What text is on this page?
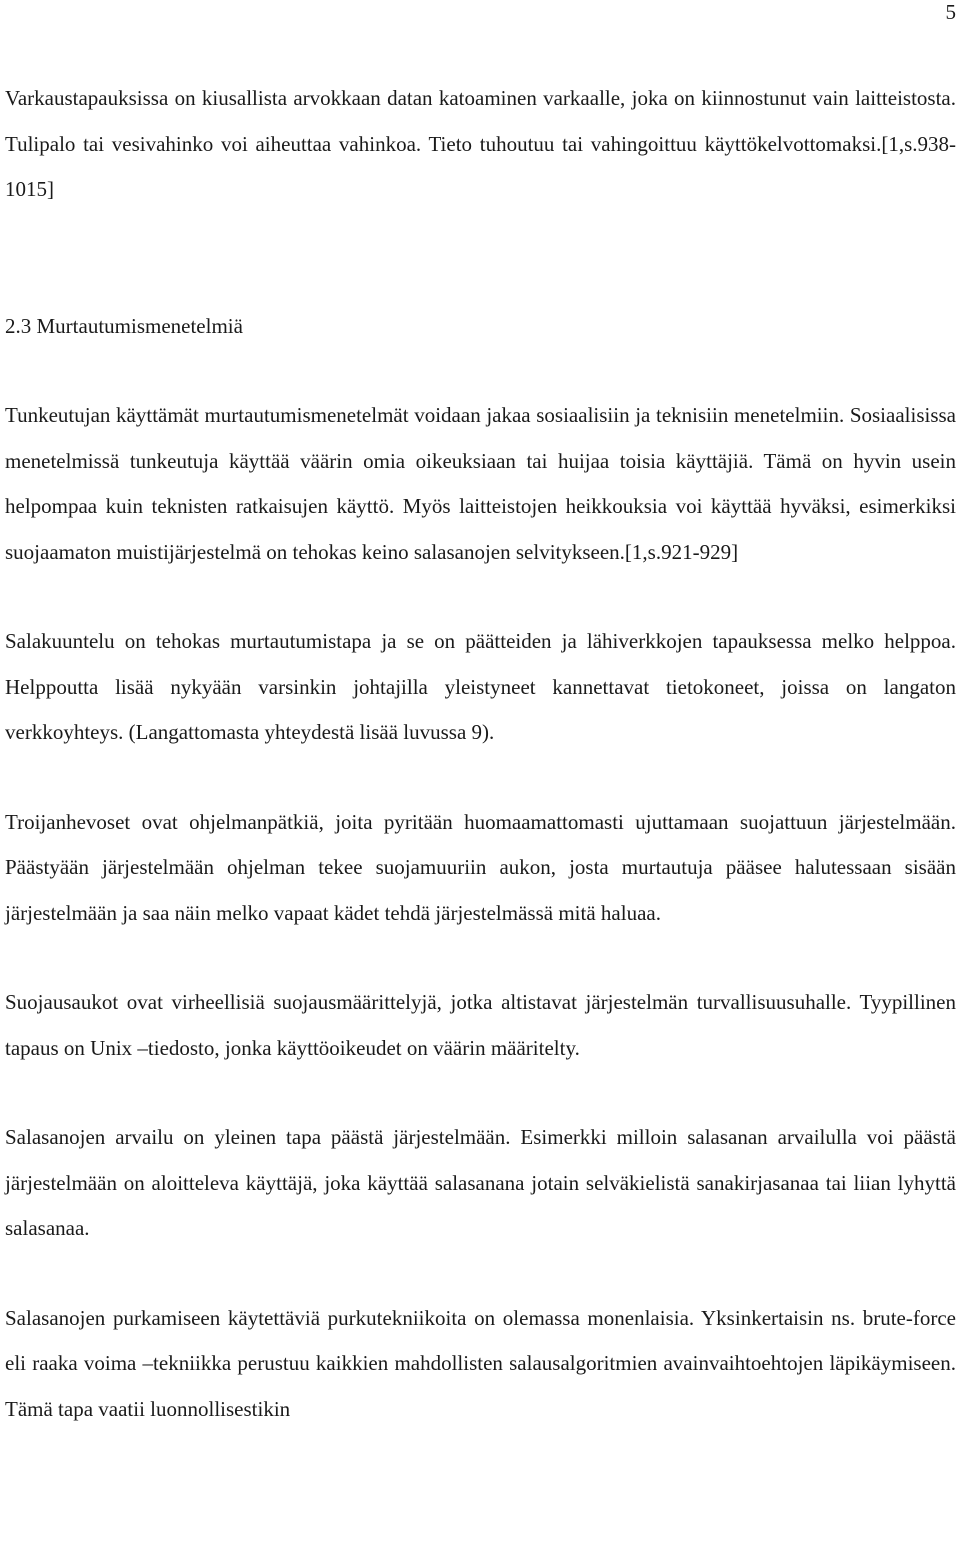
5

Varkaustapauksissa on kiusallista arvokkaan datan katoaminen varkaalle, joka on kiinnostunut vain laitteistosta. Tulipalo tai vesivahinko voi aiheuttaa vahinkoa. Tieto tuhoutuu tai vahingoittuu käyttökelvottomaksi.[1,s.938-1015]

2.3 Murtautumismenetelmiä

Tunkeutujan käyttämät murtautumismenetelmät voidaan jakaa sosiaalisiin ja teknisiin menetelmiin. Sosiaalisissa menetelmissä tunkeutuja käyttää väärin omia oikeuksiaan tai huijaa toisia käyttäjiä. Tämä on hyvin usein helpompaa kuin teknisten ratkaisujen käyttö. Myös laitteistojen heikkouksia voi käyttää hyväksi, esimerkiksi suojaamaton muistijärjestelmä on tehokas keino salasanojen selvitykseen.[1,s.921-929]

Salakuuntelu on tehokas murtautumistapa ja se on päätteiden ja lähiverkkojen tapauksessa melko helppoa. Helppoutta lisää nykyään varsinkin johtajilla yleistyneet kannettavat tietokoneet, joissa on langaton verkkoyhteys. (Langattomasta yhteydestä lisää luvussa 9).

Troijanhevoset ovat ohjelmanpätkiä, joita pyritään huomaamattomasti ujuttamaan suojattuun järjestelmään. Päästyään järjestelmään ohjelman tekee suojamuuriin aukon, josta murtautuja pääsee halutessaan sisään järjestelmään ja saa näin melko vapaat kädet tehdä järjestelmässä mitä haluaa.

Suojausaukot ovat virheellisiä suojausmäärittelyjä, jotka altistavat järjestelmän turvallisuusuhalle. Tyypillinen tapaus on Unix –tiedosto, jonka käyttöoikeudet on väärin määritelty.

Salasanojen arvailu on yleinen tapa päästä järjestelmään. Esimerkki milloin salasanan arvailulla voi päästä järjestelmään on aloitteleva käyttäjä, joka käyttää salasanana jotain selväkielistä sanakirjasanaa tai liian lyhyttä salasanaa.

Salasanojen purkamiseen käytettäviä purkutekniikoita on olemassa monenlaisia. Yksinkertaisin ns. brute-force eli raaka voima –tekniikka perustuu kaikkien mahdollisten salausalgoritmien avainvaihtoehtojen läpikäymiseen. Tämä tapa vaatii luonnollisestikin
